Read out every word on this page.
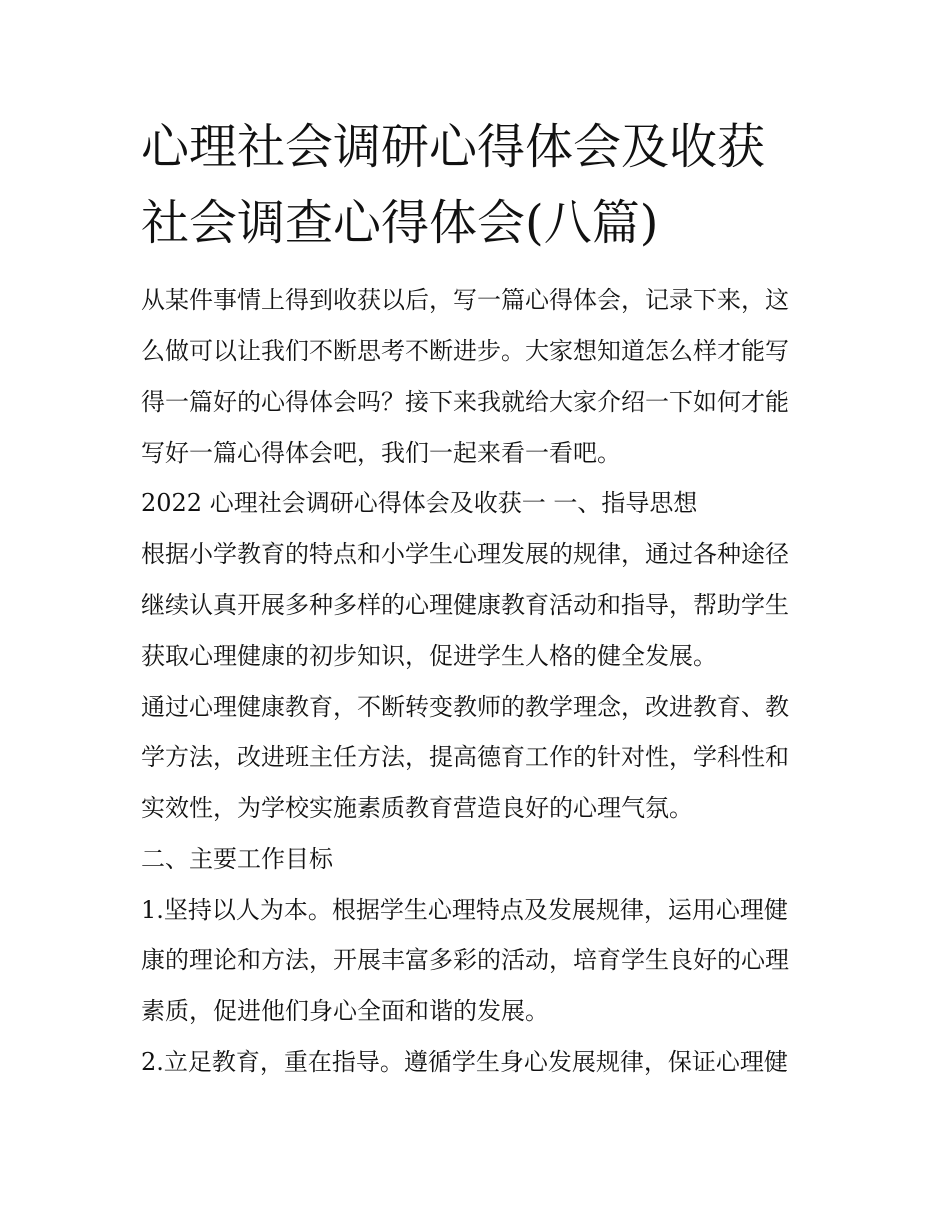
心理社会调研心得体会及收获
社会调查心得体会(八篇)
从某件事情上得到收获以后，写一篇心得体会，记录下来，这
么做可以让我们不断思考不断进步。大家想知道怎么样才能写
得一篇好的心得体会吗？接下来我就给大家介绍一下如何才能
写好一篇心得体会吧，我们一起来看一看吧。
2022 心理社会调研心得体会及收获一 一、指导思想
根据小学教育的特点和小学生心理发展的规律，通过各种途径
继续认真开展多种多样的心理健康教育活动和指导，帮助学生
获取心理健康的初步知识，促进学生人格的健全发展。
通过心理健康教育，不断转变教师的教学理念，改进教育、教
学方法，改进班主任方法，提高德育工作的针对性，学科性和
实效性，为学校实施素质教育营造良好的心理气氛。
二、主要工作目标
1.坚持以人为本。根据学生心理特点及发展规律，运用心理健
康的理论和方法，开展丰富多彩的活动，培育学生良好的心理
素质，促进他们身心全面和谐的发展。
2.立足教育，重在指导。遵循学生身心发展规律，保证心理健
